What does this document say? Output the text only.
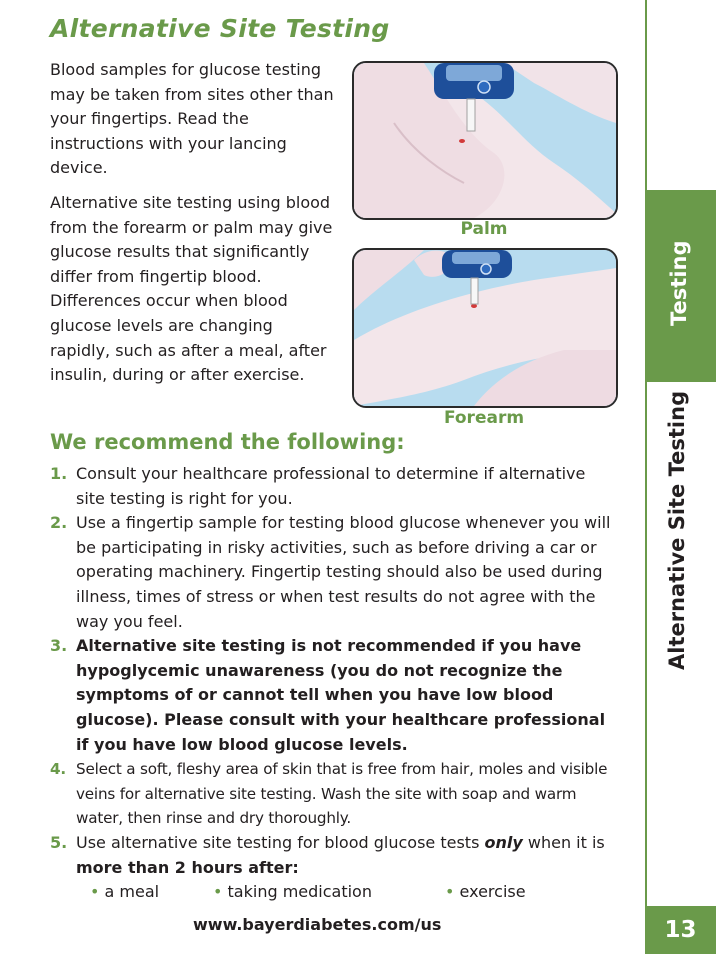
Alternative Site Testing

Blood samples for glucose testing may be taken from sites other than your fingertips. Read the instructions with your lancing device.

Alternative site testing using blood from the forearm or palm may give glucose results that significantly differ from fingertip blood. Differences occur when blood glucose levels are changing rapidly, such as after a meal, after insulin, during or after exercise.

Palm
Forearm
We recommend the following:
1. Consult your healthcare professional to determine if alternative site testing is right for you.
2. Use a fingertip sample for testing blood glucose whenever you will be participating in risky activities, such as before driving a car or operating machinery. Fingertip testing should also be used during illness, times of stress or when test results do not agree with the way you feel.
3. Alternative site testing is not recommended if you have hypoglycemic unawareness (you do not recognize the symptoms of or cannot tell when you have low blood glucose). Please consult with your healthcare professional if you have low blood glucose levels.
4. Select a soft, fleshy area of skin that is free from hair, moles and visible veins for alternative site testing. Wash the site with soap and warm water, then rinse and dry thoroughly.
5. Use alternative site testing for blood glucose tests only when it is more than 2 hours after:
• a meal	• taking medication	• exercise

www.bayerdiabetes.com/us

Testing
Alternative Site Testing
13
